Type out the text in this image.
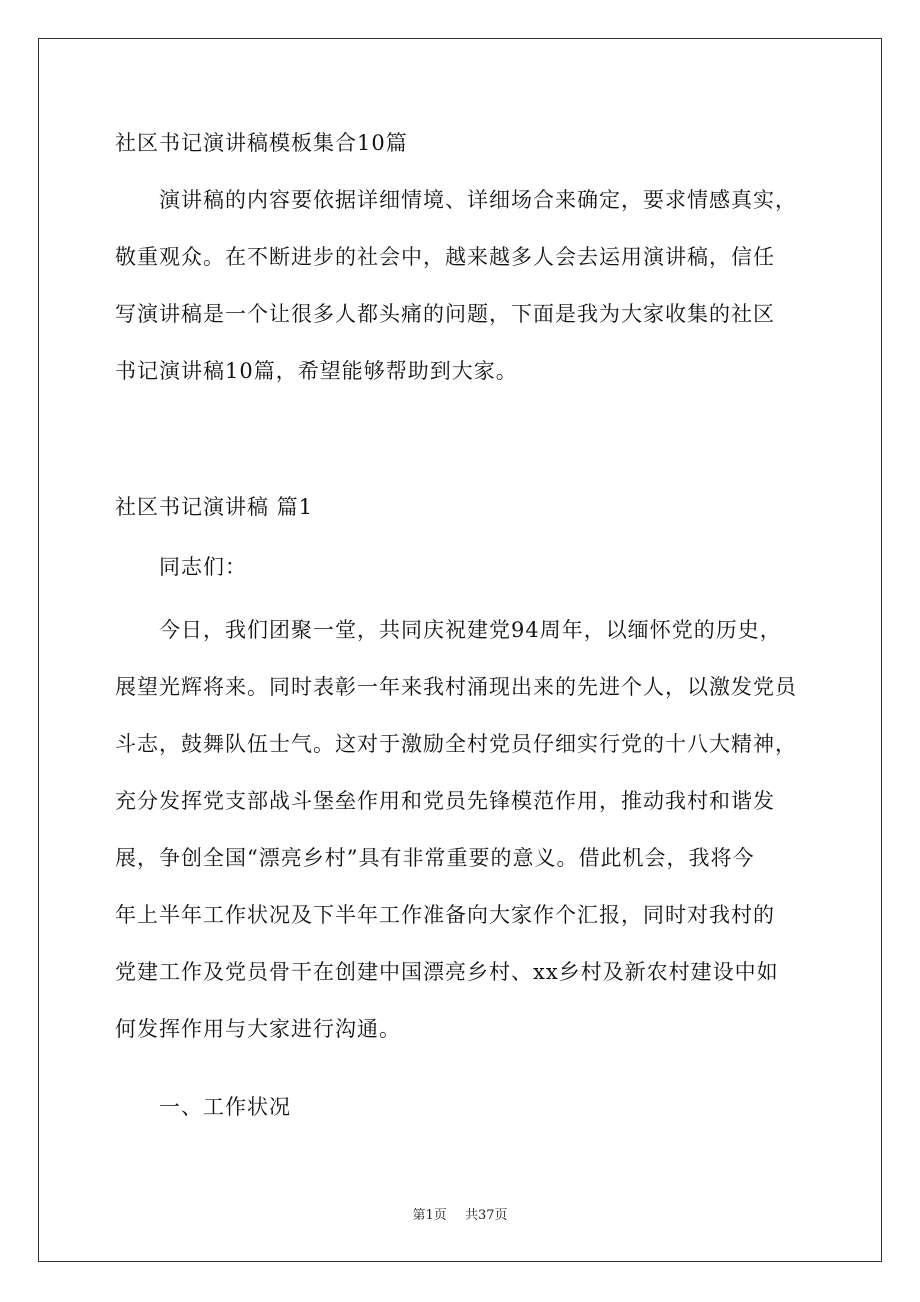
社区书记演讲稿模板集合10篇
演讲稿的内容要依据详细情境、详细场合来确定，要求情感真实，
敬重观众。在不断进步的社会中，越来越多人会去运用演讲稿，信任
写演讲稿是一个让很多人都头痛的问题，下面是我为大家收集的社区
书记演讲稿10篇，希望能够帮助到大家。
社区书记演讲稿 篇1
同志们：
今日，我们团聚一堂，共同庆祝建党94周年，以缅怀党的历史，
展望光辉将来。同时表彰一年来我村涌现出来的先进个人，以激发党员
斗志，鼓舞队伍士气。这对于激励全村党员仔细实行党的十八大精神，
充分发挥党支部战斗堡垒作用和党员先锋模范作用，推动我村和谐发
展，争创全国“漂亮乡村”具有非常重要的意义。借此机会，我将今
年上半年工作状况及下半年工作准备向大家作个汇报，同时对我村的
党建工作及党员骨干在创建中国漂亮乡村、xx乡村及新农村建设中如
何发挥作用与大家进行沟通。
一、工作状况
第1页 共37页
